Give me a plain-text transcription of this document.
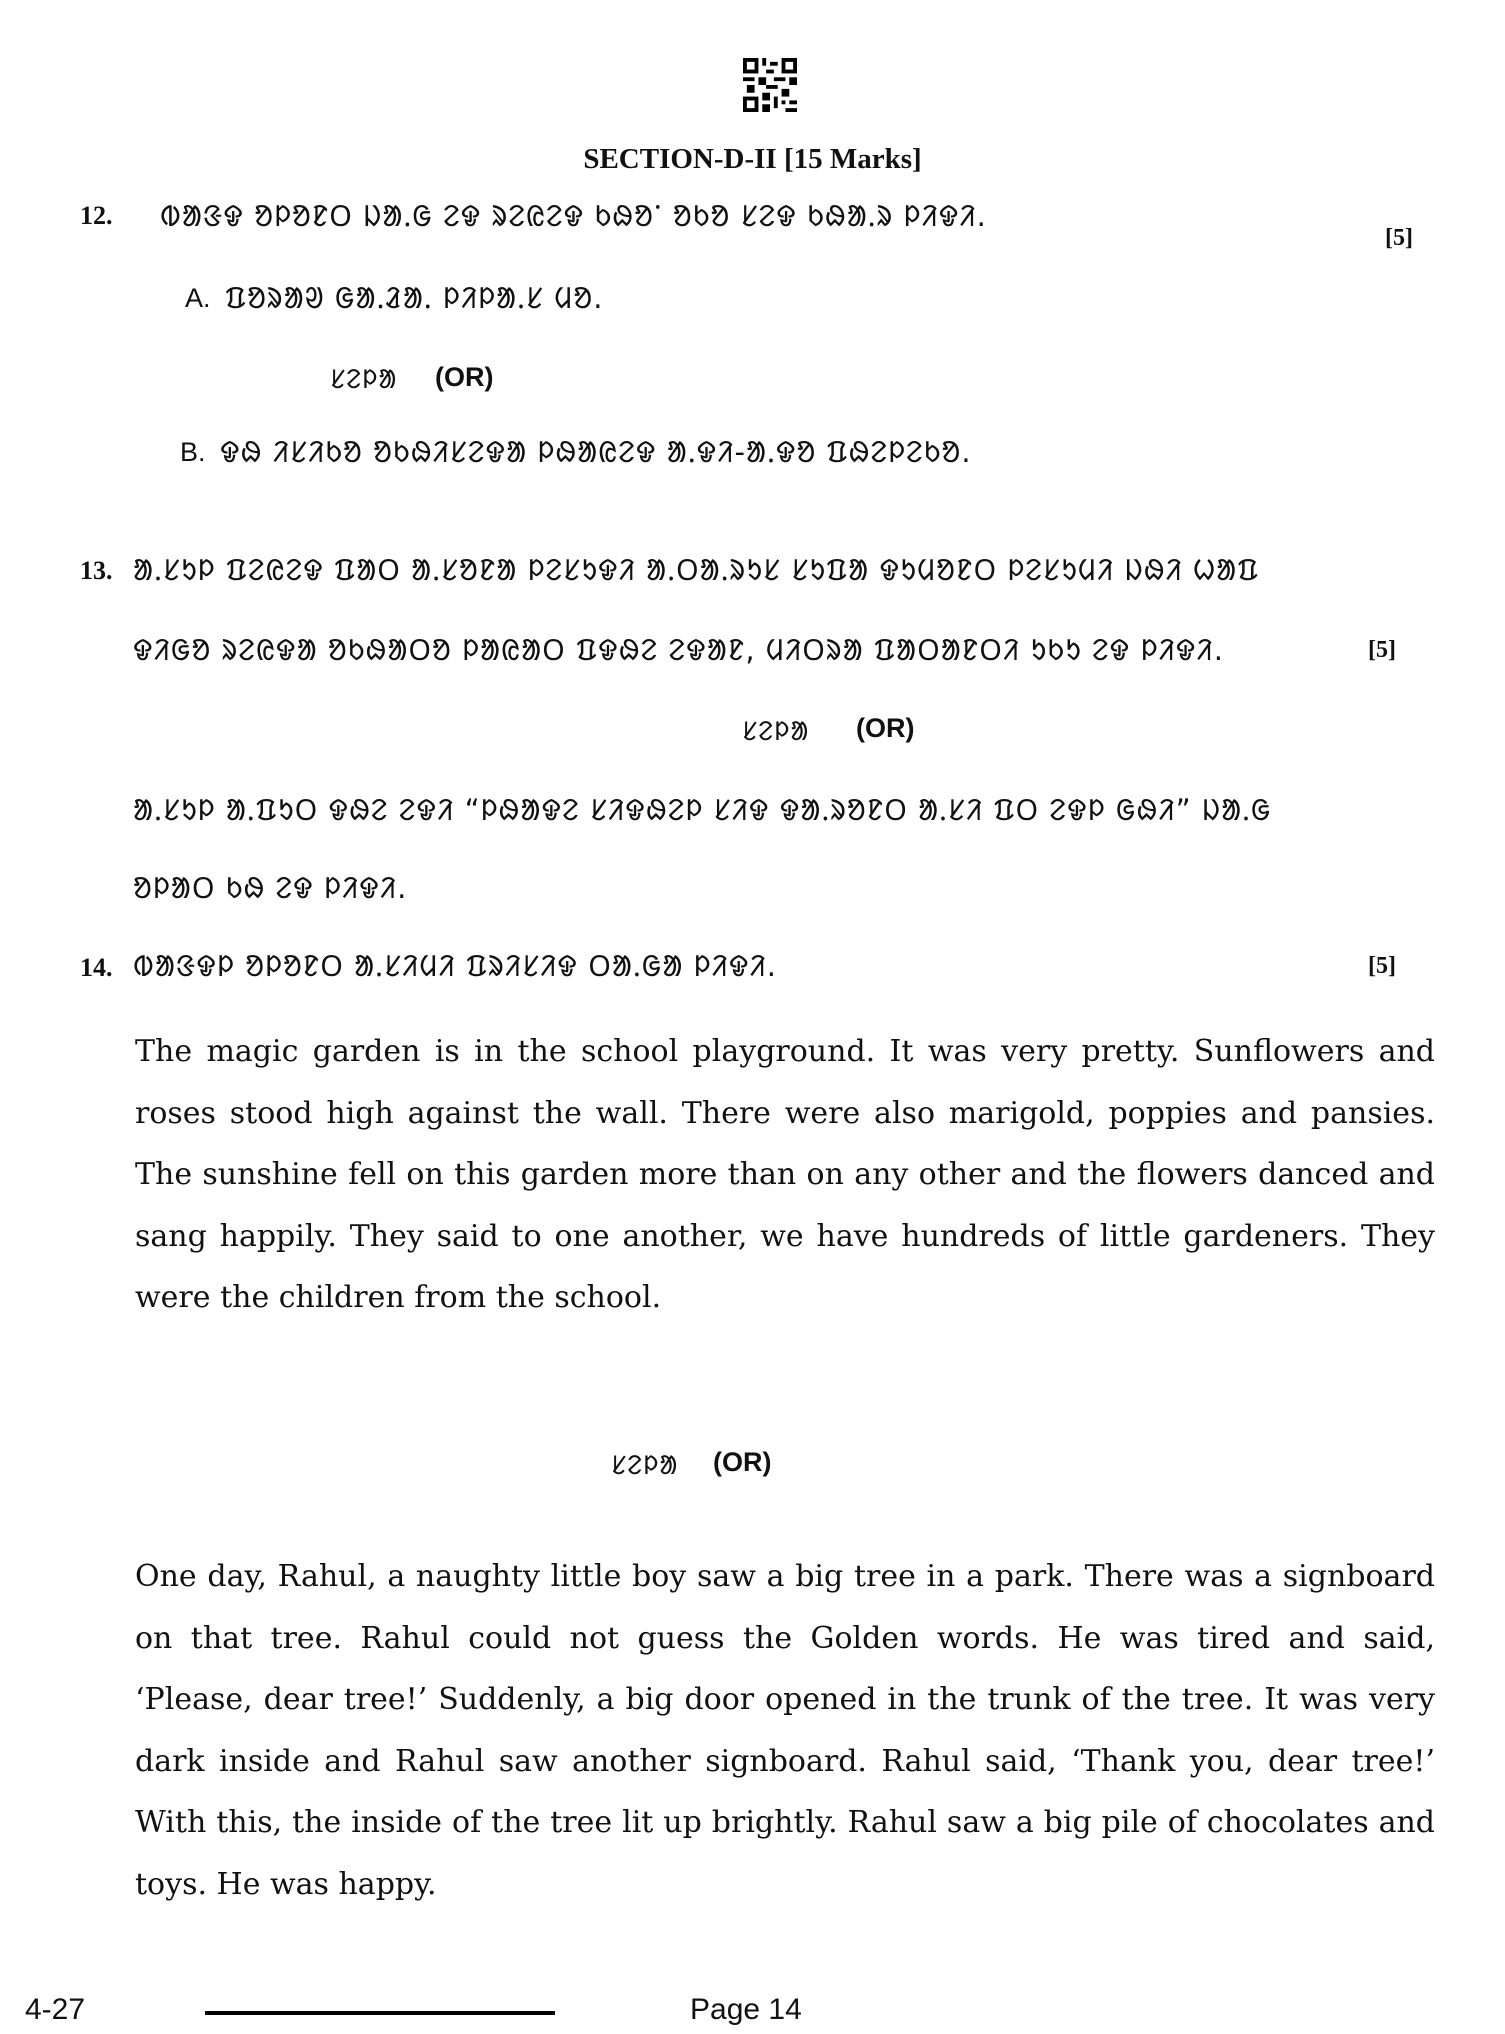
SECTION-D-II [15 Marks]
12. ᱵᱟᱝᱫ ᱚᱞᱚᱱᱛ ᱡᱟᱹᱜ ᱮᱫ ᱨᱮᱭᱮᱫ ᱠᱷᱚᱸ ᱚᱠᱚ ᱥᱮᱫ ᱠᱷᱟᱹᱨ ᱞᱤᱫᱤ.
[5]
A. ᱯᱚᱨᱟᱣ ᱜᱟᱹᱲᱟᱹ ᱞᱤᱞᱟᱹᱥ ᱢᱚ.
ᱥᱮᱞᱟ (OR)
B. ᱫᱷ ᱤᱥᱤᱠᱚ ᱚᱠᱷᱤᱥᱮᱫᱟ ᱞᱷᱟᱭᱮᱫ ᱟᱹᱫᱤ-ᱟᱹᱫᱚ ᱯᱷᱮᱞᱮᱠᱚ.
13. ᱟᱹᱥᱩᱞ ᱯᱮᱭᱮᱫ ᱯᱟᱛ ᱟᱹᱥᱚᱱᱟ ᱞᱮᱥᱩᱫᱤ ᱟᱹᱛᱟᱹᱨᱩᱥ ᱥᱩᱯᱟ ᱫᱩᱢᱚᱱᱛ ᱞᱮᱥᱩᱢᱤ ᱡᱷᱤ ᱦᱟᱯ
ᱫᱤᱜᱚ ᱨᱮᱭᱫᱟ ᱚᱠᱷᱟᱛᱚ ᱞᱟᱭᱟᱛ ᱯᱫᱷᱮ ᱮᱫᱟᱱ, ᱢᱤᱛᱨᱟ ᱯᱟᱛᱟᱱᱛᱤ ᱩᱠᱩ ᱮᱫ ᱞᱤᱫᱤ.	[5]
ᱥᱮᱞᱟ (OR)
ᱟᱹᱥᱩᱞ ᱟᱹᱯᱩᱛ ᱫᱷᱮ ᱮᱫᱤ “ᱞᱷᱟᱫᱮ ᱥᱤᱫᱷᱮᱞ ᱥᱤᱫ ᱫᱟᱹᱨᱚᱱᱛ ᱟᱹᱥᱤ ᱯᱛ ᱮᱫᱞ ᱜᱷᱤ” ᱡᱟᱹᱜ
ᱚᱞᱟᱛ ᱠᱷ ᱮᱫ ᱞᱤᱫᱤ.
14. ᱵᱟᱝᱫᱞ ᱚᱞᱚᱱᱛ ᱟᱹᱥᱤᱢᱤ ᱯᱨᱤᱥᱤᱫ ᱛᱟᱹᱜᱟ ᱞᱤᱫᱤ.	[5]
The magic garden is in the school playground. It was very pretty. Sunflowers and roses stood high against the wall. There were also marigold, poppies and pansies. The sunshine fell on this garden more than on any other and the flowers danced and sang happily. They said to one another, we have hundreds of little gardeners. They were the children from the school.
ᱥᱮᱞᱟ (OR)
One day, Rahul, a naughty little boy saw a big tree in a park. There was a signboard on that tree. Rahul could not guess the Golden words. He was tired and said, ‘Please, dear tree!’ Suddenly, a big door opened in the trunk of the tree. It was very dark inside and Rahul saw another signboard. Rahul said, ‘Thank you, dear tree!’ With this, the inside of the tree lit up brightly. Rahul saw a big pile of chocolates and toys. He was happy.
4-27	Page 14
